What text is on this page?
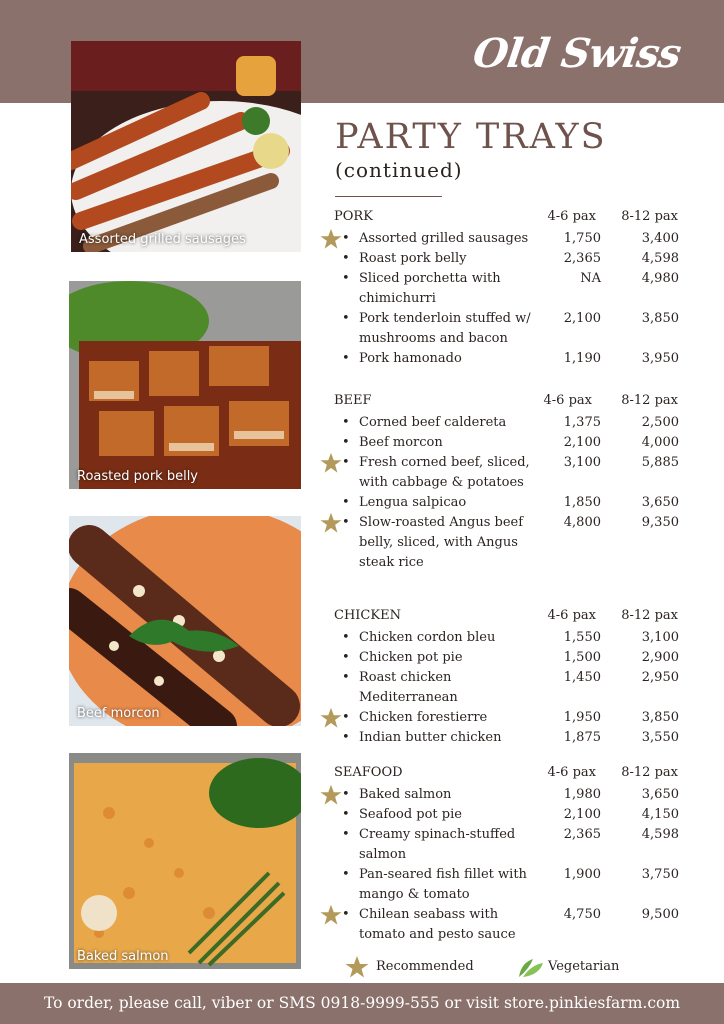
Old Swiss Inn
Assorted grilled sausages
Roasted pork belly
Beef morcon
Baked salmon
PARTY TRAYS
(continued)
PORK	4-6 pax 8-12 pax
• Assorted grilled sausages	1,750	3,400
• Roast pork belly	2,365	4,598
• Sliced porchetta with chimichurri
NA	4,980
• Pork tenderloin stuffed w/ mushrooms and bacon
2,100	3,850
• Pork hamonado	1,190	3,950
BEEF	4-6 pax 8-12 pax
• Corned beef caldereta	1,375	2,500
• Beef morcon	2,100	4,000
• Fresh corned beef, sliced, with cabbage & potatoes
3,100	5,885
• Lengua salpicao	1,850	3,650
• Slow-roasted Angus beef belly, sliced, with Angus steak rice
4,800	9,350
CHICKEN	4-6 pax 8-12 pax
• Chicken cordon bleu	1,550	3,100
• Chicken pot pie	1,500	2,900
• Roast chicken Mediterranean
1,450	2,950
• Chicken forestierre	1,950	3,850
• Indian butter chicken	1,875	3,550
SEAFOOD	4-6 pax 8-12 pax
• Baked salmon	1,980	3,650
• Seafood pot pie	2,100	4,150
• Creamy spinach-stuffed salmon
2,365	4,598
• Pan-seared fish fillet with mango & tomato
1,900	3,750
• Chilean seabass with tomato and pesto sauce
4,750	9,500
Recommended	Vegetarian
To order, please call, viber or SMS 0918-9999-555 or visit store.pinkiesfarm.com
